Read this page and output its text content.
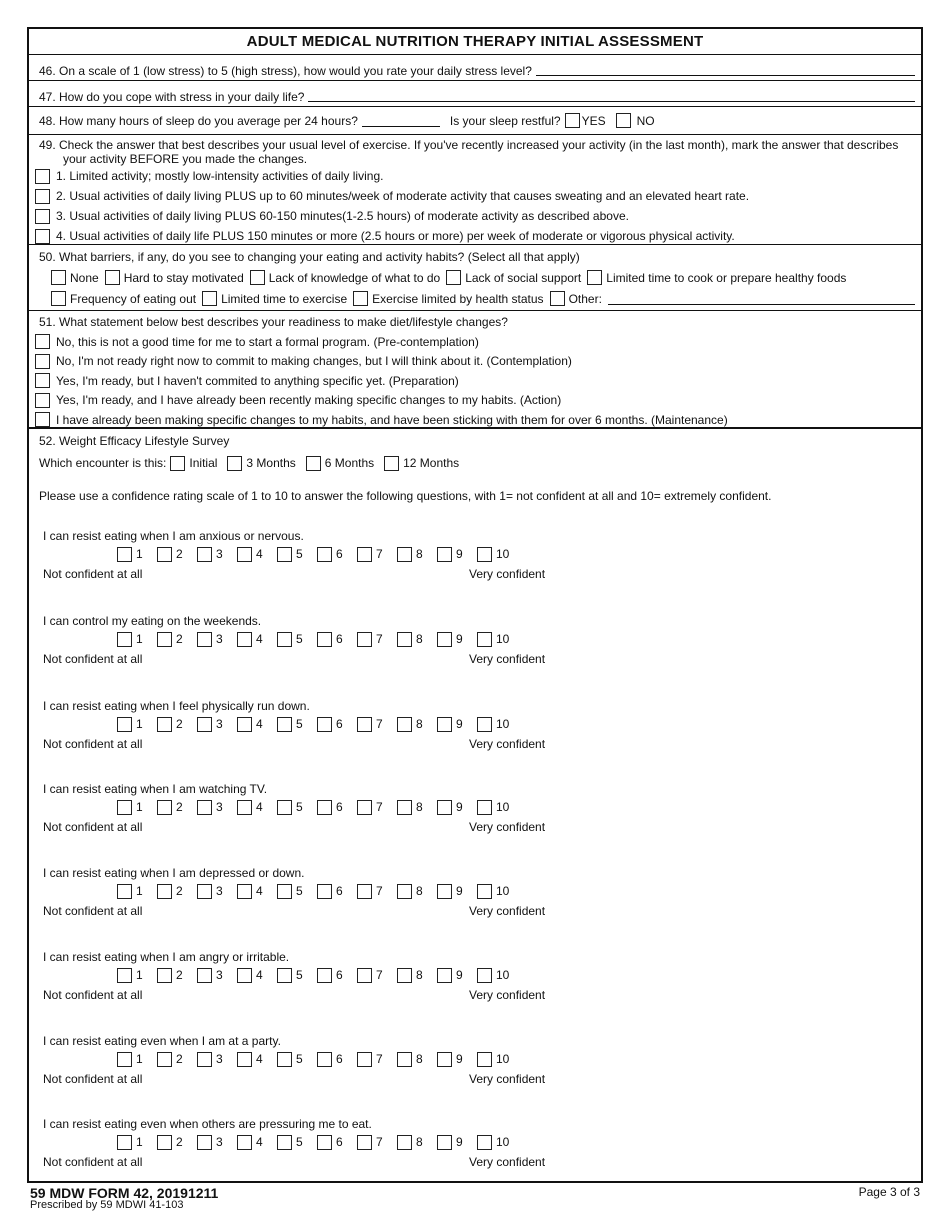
ADULT MEDICAL NUTRITION THERAPY INITIAL ASSESSMENT
46. On a scale of 1 (low stress) to 5 (high stress), how would you rate your daily stress level?
47. How do you cope with stress in your daily life?
48. How many hours of sleep do you average per 24 hours?	Is your sleep restful? YES	NO
49. Check the answer that best describes your usual level of exercise. If you've recently increased your activity (in the last month), mark the answer that describes your activity BEFORE you made the changes.
1. Limited activity; mostly low-intensity activities of daily living.
2. Usual activities of daily living PLUS up to 60 minutes/week of moderate activity that causes sweating and an elevated heart rate.
3. Usual activities of daily living PLUS 60-150 minutes(1-2.5 hours) of moderate activity as described above.
4. Usual activities of daily life PLUS 150 minutes or more (2.5 hours or more) per week of moderate or vigorous physical activity.
50. What barriers, if any, do you see to changing your eating and activity habits? (Select all that apply)
None Hard to stay motivated Lack of knowledge of what to do Lack of social support Limited time to cook or prepare healthy foods
Frequency of eating out Limited time to exercise Exercise limited by health status Other:
51. What statement below best describes your readiness to make diet/lifestyle changes?
No, this is not a good time for me to start a formal program. (Pre-contemplation)
No, I'm not ready right now to commit to making changes, but I will think about it. (Contemplation)
Yes, I'm ready, but I haven't commited to anything specific yet. (Preparation)
Yes, I'm ready, and I have already been recently making specific changes to my habits. (Action)
I have already been making specific changes to my habits, and have been sticking with them for over 6 months. (Maintenance)
52. Weight Efficacy Lifestyle Survey
Which encounter is this: Initial 3 Months 6 Months 12 Months
Please use a confidence rating scale of 1 to 10 to answer the following questions, with 1= not confident at all and 10= extremely confident.
I can resist eating when I am anxious or nervous.
1	2	3	4	5	6	7	8	9	10
Not confident at all	Very confident
I can control my eating on the weekends.
1	2	3	4	5	6	7	8	9	10
Not confident at all	Very confident
I can resist eating when I feel physically run down.
1	2	3	4	5	6	7	8	9	10
Not confident at all	Very confident
I can resist eating when I am watching TV.
1	2	3	4	5	6	7	8	9	10
Not confident at all	Very confident
I can resist eating when I am depressed or down.
1	2	3	4	5	6	7	8	9	10
Not confident at all	Very confident
I can resist eating when I am angry or irritable.
1	2	3	4	5	6	7	8	9	10
Not confident at all	Very confident
I can resist eating even when I am at a party.
1	2	3	4	5	6	7	8	9	10
Not confident at all	Very confident
I can resist eating even when others are pressuring me to eat.
1	2	3	4	5	6	7	8	9	10
Not confident at all	Very confident
59 MDW FORM 42, 20191211
Prescribed by 59 MDWI 41-103
Page 3 of 3
